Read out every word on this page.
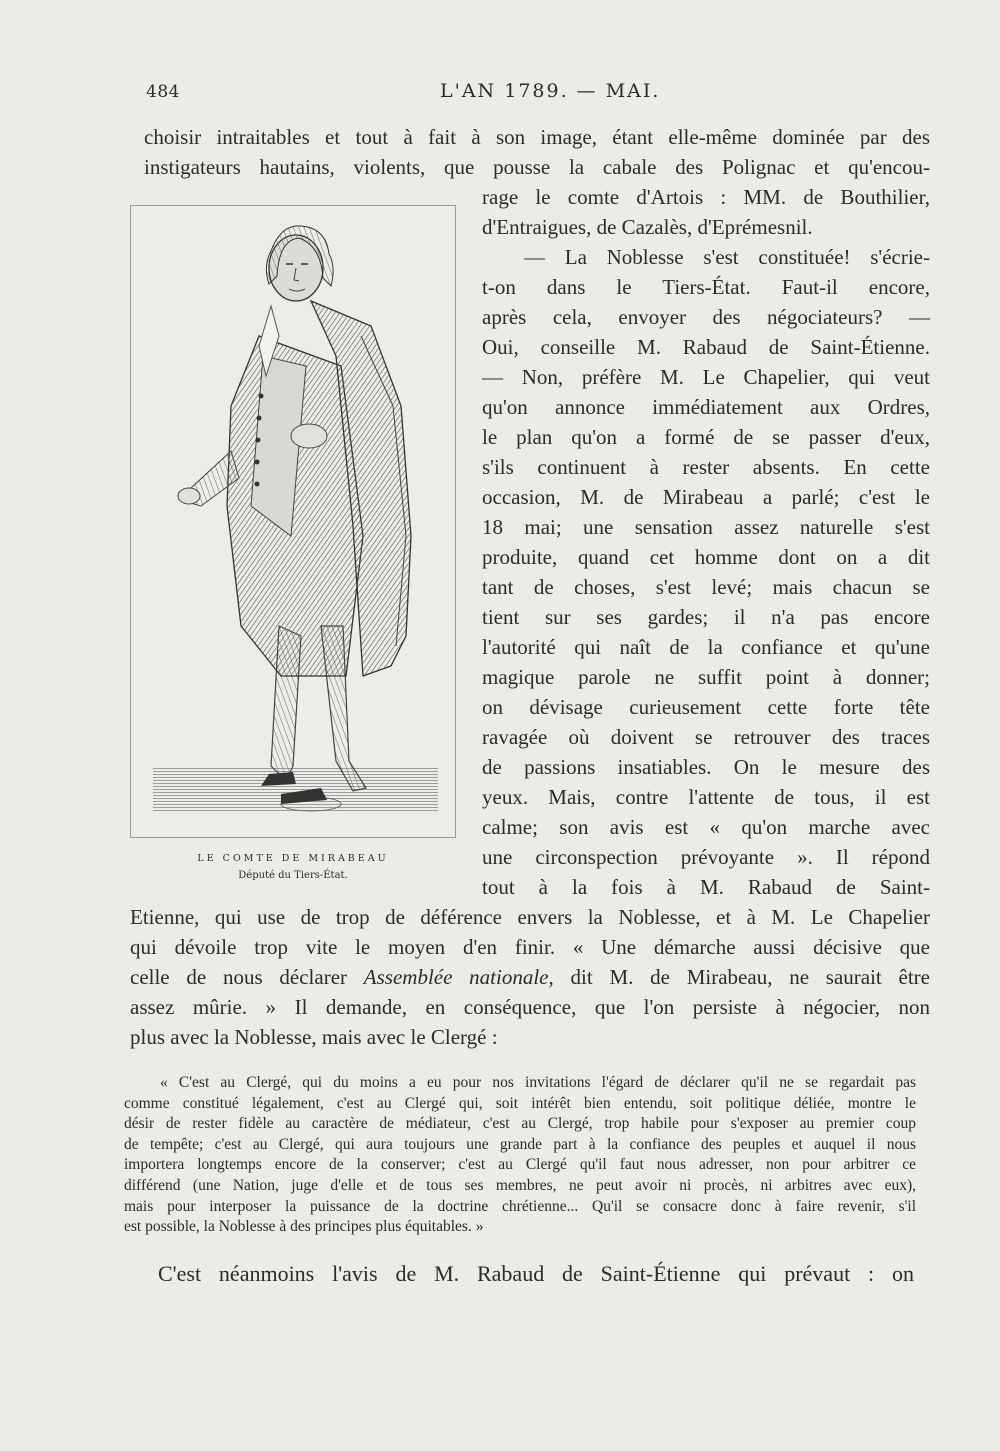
484	L'AN 1789. — MAI.
choisir intraitables et tout à fait à son image, étant elle-même dominée par des
instigateurs hautains, violents, que pousse la cabale des Polignac et qu'encou-
LE COMTE DE MIRABEAU
Député du Tiers-État.
rage le comte d'Artois : MM. de Bouthilier,
d'Entraigues, de Cazalès, d'Eprémesnil.
— La Noblesse s'est constituée! s'écrie-
t-on dans le Tiers-État. Faut-il encore,
après cela, envoyer des négociateurs? —
Oui, conseille M. Rabaud de Saint-Étienne.
— Non, préfère M. Le Chapelier, qui veut
qu'on annonce immédiatement aux Ordres,
le plan qu'on a formé de se passer d'eux,
s'ils continuent à rester absents. En cette
occasion, M. de Mirabeau a parlé; c'est le
18 mai; une sensation assez naturelle s'est
produite, quand cet homme dont on a dit
tant de choses, s'est levé; mais chacun se
tient sur ses gardes; il n'a pas encore
l'autorité qui naît de la confiance et qu'une
magique parole ne suffit point à donner;
on dévisage curieusement cette forte tête
ravagée où doivent se retrouver des traces
de passions insatiables. On le mesure des
yeux. Mais, contre l'attente de tous, il est
calme; son avis est « qu'on marche avec
une circonspection prévoyante ». Il répond
tout à la fois à M. Rabaud de Saint-
Etienne, qui use de trop de déférence envers la Noblesse, et à M. Le Chapelier
qui dévoile trop vite le moyen d'en finir. « Une démarche aussi décisive que
celle de nous déclarer Assemblée nationale, dit M. de Mirabeau, ne saurait être
assez mûrie. » Il demande, en conséquence, que l'on persiste à négocier, non
plus avec la Noblesse, mais avec le Clergé :
« C'est au Clergé, qui du moins a eu pour nos invitations l'égard de déclarer qu'il ne se regardait pas
comme constitué légalement, c'est au Clergé qui, soit intérêt bien entendu, soit politique déliée, montre le
désir de rester fidèle au caractère de médiateur, c'est au Clergé, trop habile pour s'exposer au premier coup
de tempête; c'est au Clergé, qui aura toujours une grande part à la confiance des peuples et auquel il nous
importera longtemps encore de la conserver; c'est au Clergé qu'il faut nous adresser, non pour arbitrer ce
différend (une Nation, juge d'elle et de tous ses membres, ne peut avoir ni procès, ni arbitres avec eux),
mais pour interposer la puissance de la doctrine chrétienne... Qu'il se consacre donc à faire revenir, s'il
est possible, la Noblesse à des principes plus équitables. »
C'est néanmoins l'avis de M. Rabaud de Saint-Étienne qui prévaut : on
